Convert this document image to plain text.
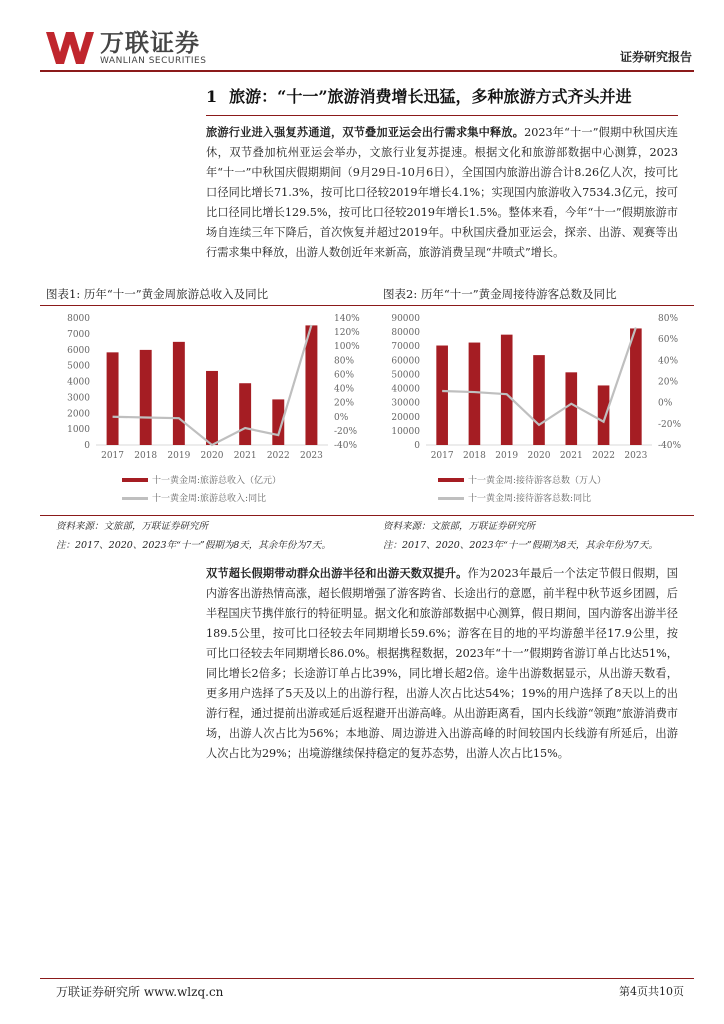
万联证券
WANLIAN SECURITIES	证券研究报告
1 旅游：“十一”旅游消费增长迅猛，多种旅游方式齐头并进
旅游行业进入强复苏通道，双节叠加亚运会出行需求集中释放。2023年“十一”假期中秋国庆连休，双节叠加杭州亚运会举办，文旅行业复苏提速。根据文化和旅游部数据中心测算，2023年“十一”中秋国庆假期期间（9月29日-10月6日），全国国内旅游出游合计8.26亿人次，按可比口径同比增长71.3%，按可比口径较2019年增长4.1%；实现国内旅游收入7534.3亿元，按可比口径同比增长129.5%，按可比口径较2019年增长1.5%。整体来看，今年“十一”假期旅游市场自连续三年下降后，首次恢复并超过2019年。中秋国庆叠加亚运会，探亲、出游、观赛等出行需求集中释放，出游人数创近年来新高，旅游消费呈现“井喷式”增长。
图表1: 历年“十一”黄金周旅游总收入及同比	图表2: 历年“十一”黄金周接待游客总数及同比
0
1000
2000
3000
4000
5000
6000
7000
8000
-40%
-20%
0%
20%
40%
60%
80%
100%
120%
140%
2017 2018 2019 2020 2021 2022 2023
十一黄金周:旅游总收入（亿元）
十一黄金周:旅游总收入:同比
0
10000
20000
30000
40000
50000
60000
70000
80000
90000
-40%
-20%
0%
20%
40%
60%
80%
2017 2018 2019 2020 2021 2022 2023
十一黄金周:接待游客总数（万人）
十一黄金周:接待游客总数:同比
资料来源：文旅部，万联证券研究所
注：2017、2020、2023年“十一”假期为8天，其余年份为7天。
资料来源：文旅部，万联证券研究所
注：2017、2020、2023年“十一”假期为8天，其余年份为7天。
双节超长假期带动群众出游半径和出游天数双提升。作为2023年最后一个法定节假日假期，国内游客出游热情高涨，超长假期增强了游客跨省、长途出行的意愿，前半程中秋节返乡团圆，后半程国庆节携伴旅行的特征明显。据文化和旅游部数据中心测算，假日期间，国内游客出游半径189.5公里，按可比口径较去年同期增长59.6%；游客在目的地的平均游憩半径17.9公里，按可比口径较去年同期增长86.0%。根据携程数据，2023年“十一”假期跨省游订单占比达51%，同比增长2倍多；长途游订单占比39%，同比增长超2倍。途牛出游数据显示，从出游天数看，更多用户选择了5天及以上的出游行程，出游人次占比达54%；19%的用户选择了8天以上的出游行程，通过提前出游或延后返程避开出游高峰。从出游距离看，国内长线游“领跑”旅游消费市场，出游人次占比为56%；本地游、周边游进入出游高峰的时间较国内长线游有所延后，出游人次占比为29%；出境游继续保持稳定的复苏态势，出游人次占比15%。
万联证券研究所 www.wlzq.cn	第4页共10页
